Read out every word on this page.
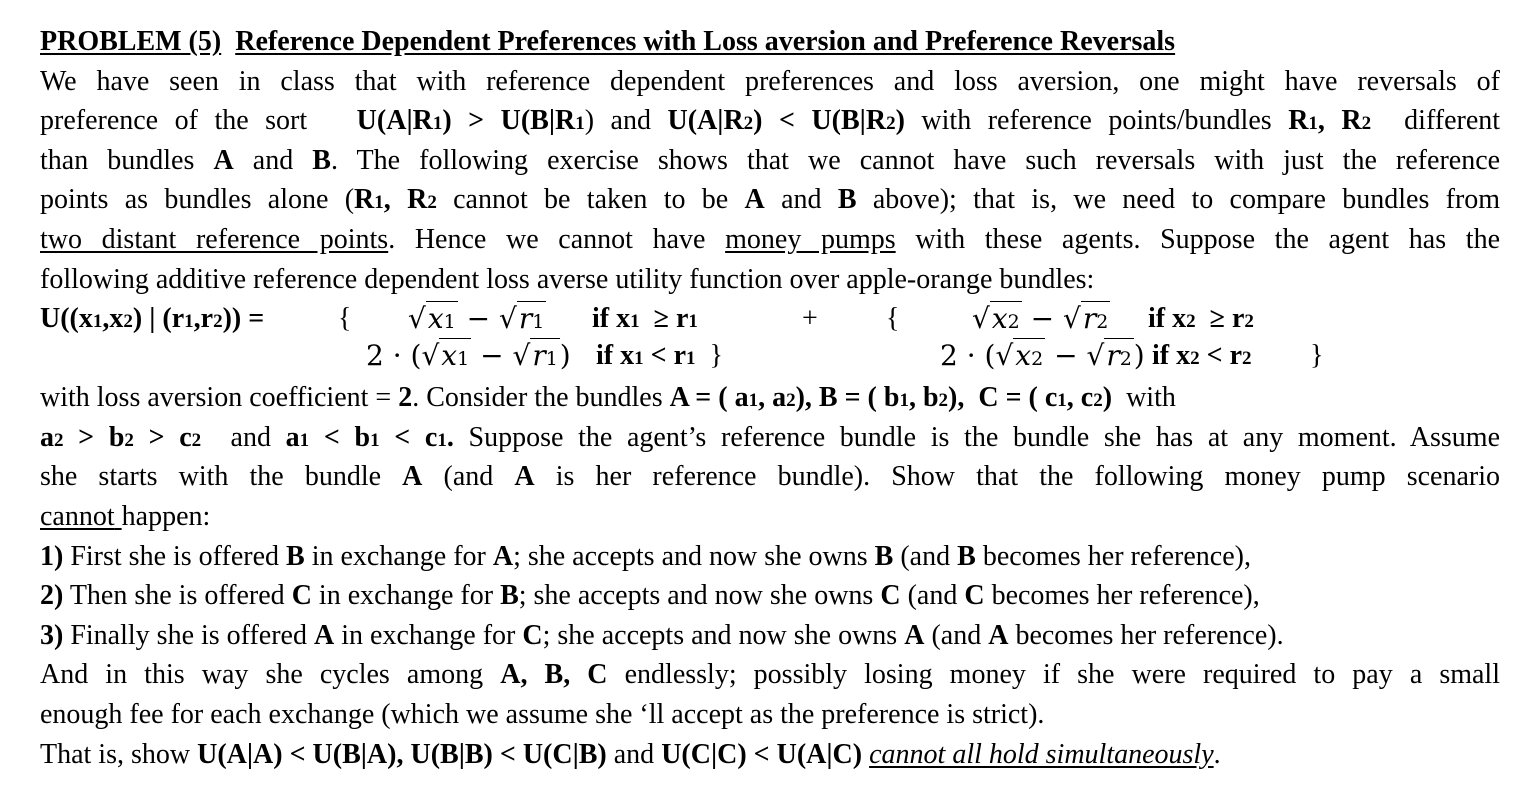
PROBLEM (5) Reference Dependent Preferences with Loss aversion and Preference Reversals
We have seen in class that with reference dependent preferences and loss aversion, one might have reversals of
preference of the sort U(A|R1) > U(B|R1) and U(A|R2) < U(B|R2) with reference points/bundles R1, R2 different
than bundles A and B. The following exercise shows that we cannot have such reversals with just the reference
points as bundles alone (R1, R2 cannot be taken to be A and B above); that is, we need to compare bundles from
two distant reference points. Hence we cannot have money pumps with these agents. Suppose the agent has the
following additive reference dependent loss averse utility function over apple-orange bundles:
U((x1,x2) | (r1,r2)) =	{ √x1 − √r1 if x1 ≥ r1
2 · (√x1 − √r1) if x1 < r1 }
+ {	√x2 − √r2 if x2 ≥ r2
2 · (√x2 − √r2) if x2 < r2 }
with loss aversion coefficient = 2. Consider the bundles A = ( a1, a2), B = ( b1, b2), C = ( c1, c2) with
a2 > b2 > c2 and a1 < b1 < c1. Suppose the agent’s reference bundle is the bundle she has at any moment. Assume
she starts with the bundle A (and A is her reference bundle). Show that the following money pump scenario
cannot happen:
1) First she is offered B in exchange for A; she accepts and now she owns B (and B becomes her reference),
2) Then she is offered C in exchange for B; she accepts and now she owns C (and C becomes her reference),
3) Finally she is offered A in exchange for C; she accepts and now she owns A (and A becomes her reference).
And in this way she cycles among A, B, C endlessly; possibly losing money if she were required to pay a small
enough fee for each exchange (which we assume she ‘ll accept as the preference is strict).
That is, show U(A|A) < U(B|A), U(B|B) < U(C|B) and U(C|C) < U(A|C) cannot all hold simultaneously.
